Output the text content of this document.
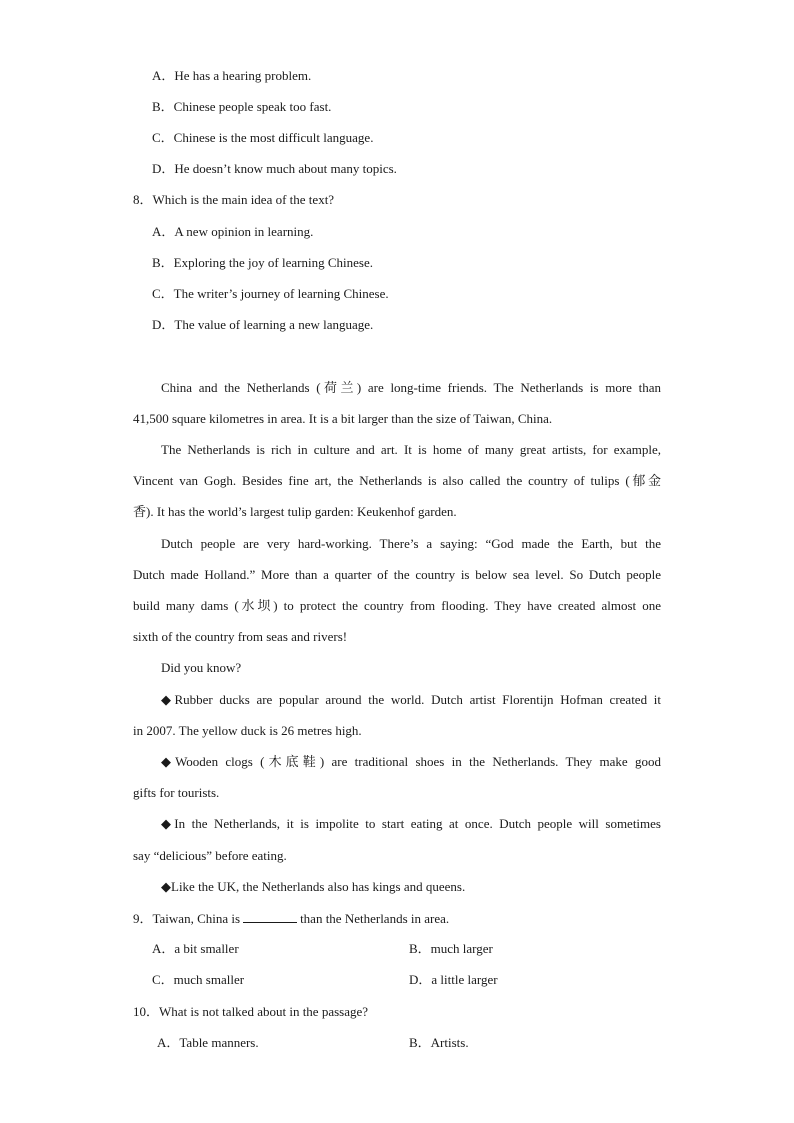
A．He has a hearing problem.
B．Chinese people speak too fast.
C．Chinese is the most difficult language.
D．He doesn’t know much about many topics.
8．Which is the main idea of the text?
A．A new opinion in learning.
B．Exploring the joy of learning Chinese.
C．The writer’s journey of learning Chinese.
D．The value of learning a new language.
China and the Netherlands (荷兰) are long-time friends. The Netherlands is more than
41,500 square kilometres in area. It is a bit larger than the size of Taiwan, China.
The Netherlands is rich in culture and art. It is home of many great artists, for example,
Vincent van Gogh. Besides fine art, the Netherlands is also called the country of tulips (郁金
香). It has the world’s largest tulip garden: Keukenhof garden.
Dutch people are very hard-working. There’s a saying: “God made the Earth, but the
Dutch made Holland.” More than a quarter of the country is below sea level. So Dutch people
build many dams (水坝) to protect the country from flooding. They have created almost one
sixth of the country from seas and rivers!
Did you know?
◆Rubber ducks are popular around the world. Dutch artist Florentijn Hofman created it
in 2007. The yellow duck is 26 metres high.
◆Wooden clogs (木底鞋) are traditional shoes in the Netherlands. They make good
gifts for tourists.
◆In the Netherlands, it is impolite to start eating at once. Dutch people will sometimes
say “delicious” before eating.
◆Like the UK, the Netherlands also has kings and queens.
9．Taiwan, China is	than the Netherlands in area.
A．a bit smaller	B．much larger
C．much smaller	D．a little larger
10．What is not talked about in the passage?
A．Table manners.	B．Artists.
